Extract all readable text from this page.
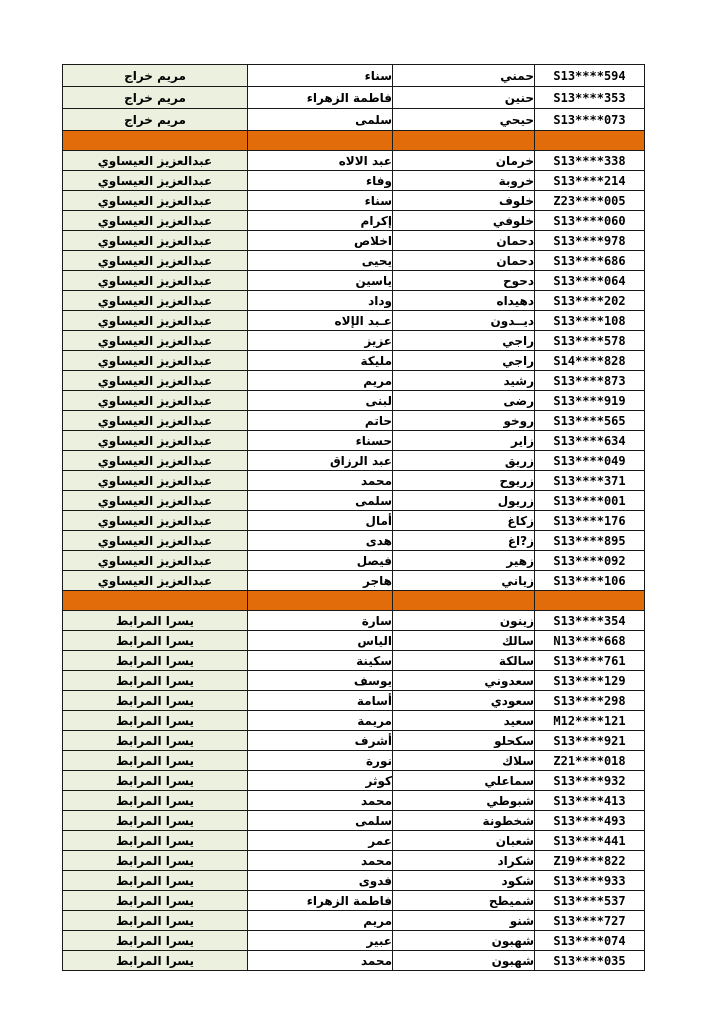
مريم خراج	سناء	حمني	S13****594
مريم خراج	فاطمة الزهراء	حنين	S13****353
مريم خراج	سلمى	حيحي	S13****073

عبدالعزيز العيساوي	عبد الالاه	خرمان	S13****338
عبدالعزيز العيساوي	وفاء	خروبة	S13****214
عبدالعزيز العيساوي	سناء	خلوف	Z23****005
عبدالعزيز العيساوي	إكرام	خلوفي	S13****060
عبدالعزيز العيساوي	اخلاص	دحمان	S13****978
عبدالعزيز العيساوي	يحيى	دحمان	S13****686
عبدالعزيز العيساوي	ياسين	دحوح	S13****064
عبدالعزيز العيساوي	وداد	دهيداه	S13****202
عبدالعزيز العيساوي	عـبد الإلاه	ديــدون	S13****108
عبدالعزيز العيساوي	عزيز	راجي	S13****578
عبدالعزيز العيساوي	مليكة	راجي	S14****828
عبدالعزيز العيساوي	مريم	رشيد	S13****873
عبدالعزيز العيساوي	لبنى	رضى	S13****919
عبدالعزيز العيساوي	حاتم	روخو	S13****565
عبدالعزيز العيساوي	حسناء	زاير	S13****634
عبدالعزيز العيساوي	عبد الرزاق	زريق	S13****049
عبدالعزيز العيساوي	محمد	زريوح	S13****371
عبدالعزيز العيساوي	سلمى	زريول	S13****001
عبدالعزيز العيساوي	أمال	زكاغ	S13****176
عبدالعزيز العيساوي	هدى	ز?اغ	S13****895
عبدالعزيز العيساوي	فيصل	زهير	S13****092
عبدالعزيز العيساوي	هاجر	زياني	S13****106

يسرا المرابط	سارة	زينون	S13****354
يسرا المرابط	الياس	سالك	N13****668
يسرا المرابط	سكينة	سالكة	S13****761
يسرا المرابط	يوسف	سعدوني	S13****129
يسرا المرابط	أسامة	سعودي	S13****298
يسرا المرابط	مريمة	سعيد	M12****121
يسرا المرابط	أشرف	سكحلو	S13****921
يسرا المرابط	نورة	سلاك	Z21****018
يسرا المرابط	كوثر	سماعلي	S13****932
يسرا المرابط	محمد	شبوطي	S13****413
يسرا المرابط	سلمى	شخطونة	S13****493
يسرا المرابط	عمر	شعبان	S13****441
يسرا المرابط	محمد	شكراد	Z19****822
يسرا المرابط	فدوى	شكود	S13****933
يسرا المرابط	فاطمة الزهراء	شميطح	S13****537
يسرا المرابط	مريم	شنو	S13****727
يسرا المرابط	عبير	شهبون	S13****074
يسرا المرابط	محمد	شهبون	S13****035
